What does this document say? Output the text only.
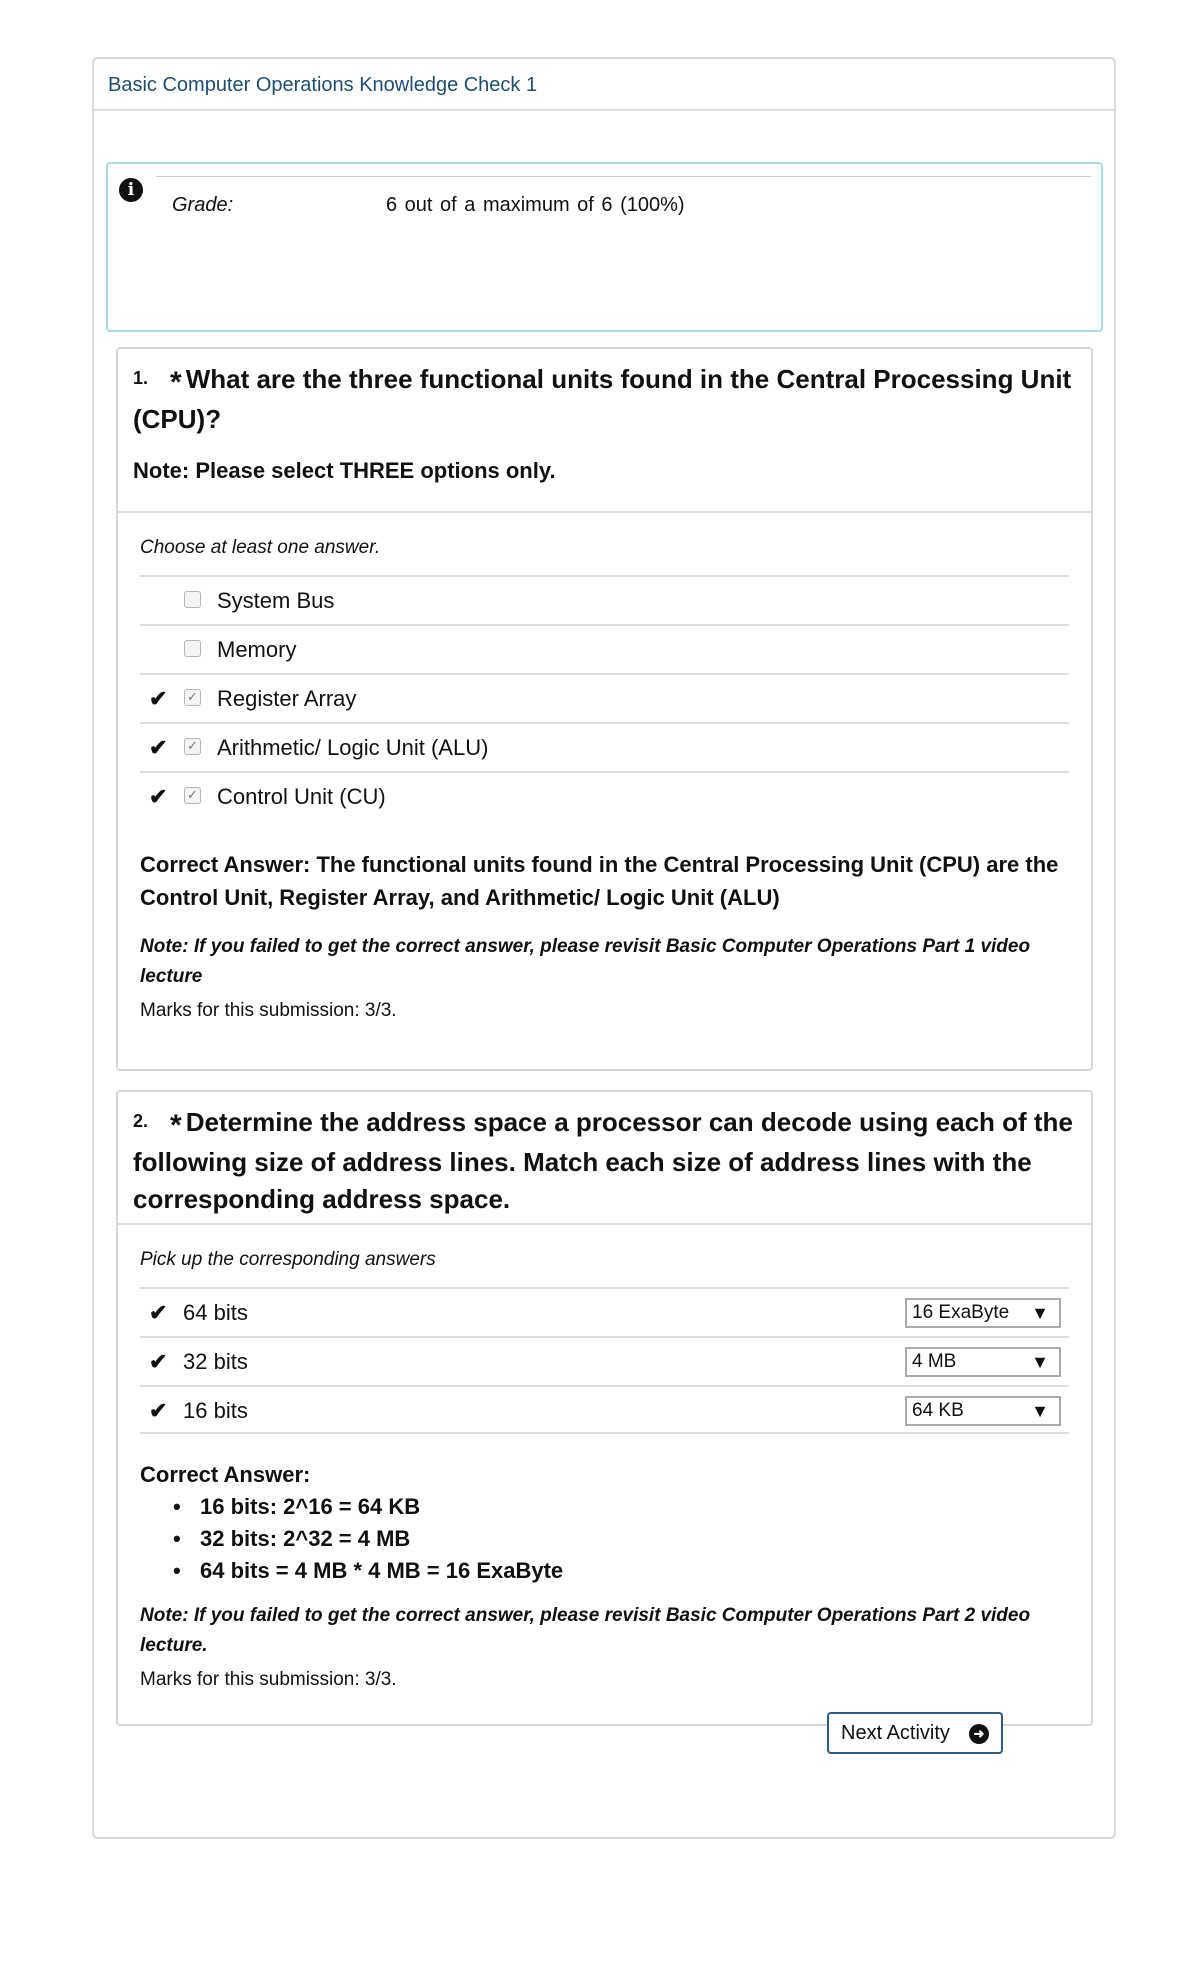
Basic Computer Operations Knowledge Check 1
i
Grade:	6 out of a maximum of 6 (100%)
1. * What are the three functional units found in the Central Processing Unit (CPU)?
Note: Please select THREE options only.
Choose at least one answer.
System Bus
Memory
✔ ✓ Register Array
✔ ✓ Arithmetic/ Logic Unit (ALU)
✔ ✓ Control Unit (CU)
Correct Answer: The functional units found in the Central Processing Unit (CPU) are the Control Unit, Register Array, and Arithmetic/ Logic Unit (ALU)
Note: If you failed to get the correct answer, please revisit Basic Computer Operations Part 1 video lecture
Marks for this submission: 3/3.
2. * Determine the address space a processor can decode using each of the following size of address lines. Match each size of address lines with the corresponding address space.
Pick up the corresponding answers
✔ 64 bits	16 ExaByte ▼
✔ 32 bits	4 MB	▼
✔ 16 bits	64 KB	▼
Correct Answer:
• 16 bits: 2^16 = 64 KB
• 32 bits: 2^32 = 4 MB
• 64 bits = 4 MB * 4 MB = 16 ExaByte
Note: If you failed to get the correct answer, please revisit Basic Computer Operations Part 2 video lecture.
Marks for this submission: 3/3.
Next Activity	➜
